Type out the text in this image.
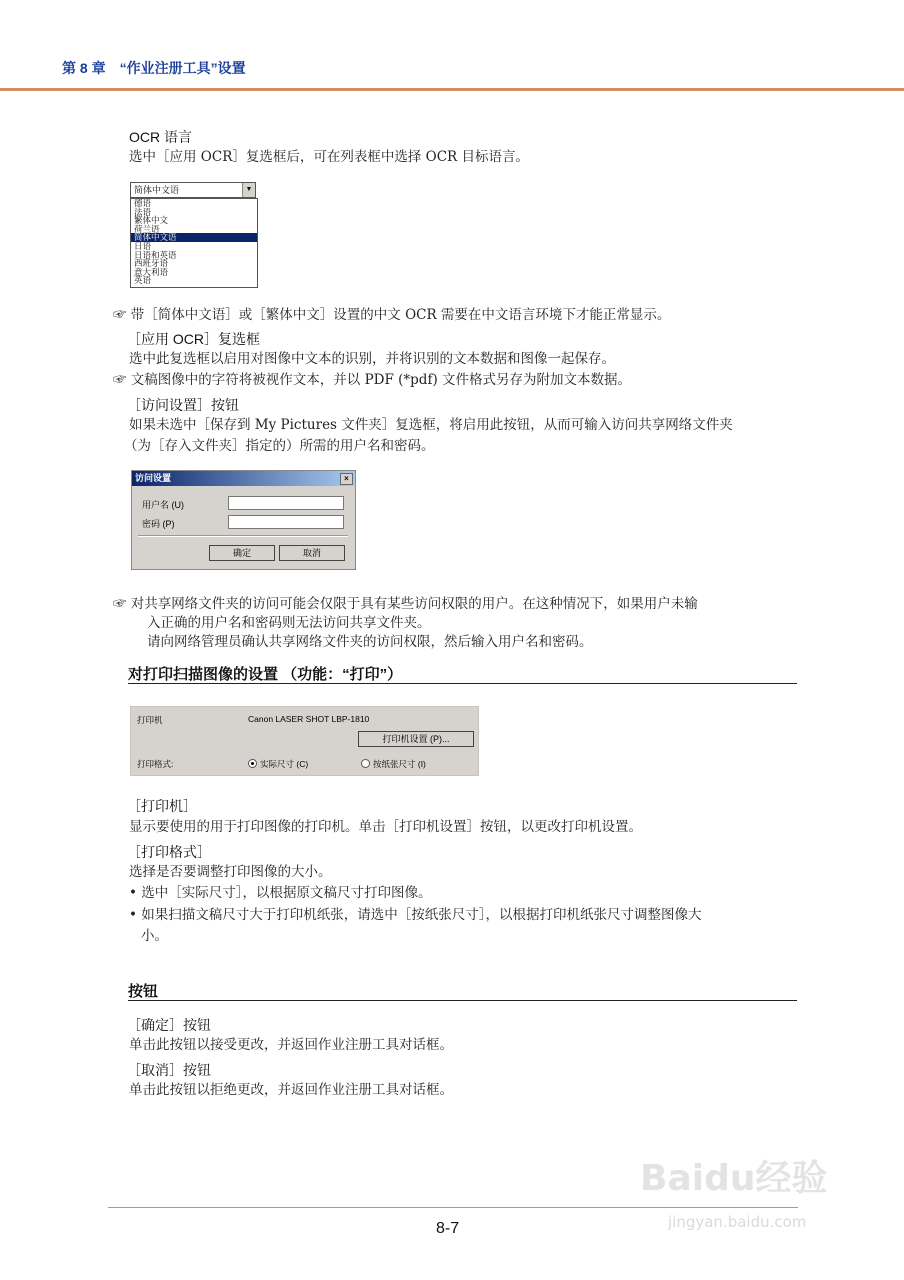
第 8 章　“作业注册工具”设置
OCR 语言
选中［应用 OCR］复选框后，可在列表框中选择 OCR 目标语言。
简体中文语	▼
德语
法语
繁体中文
荷兰语
简体中文语
日语
日语和英语
西班牙语
意大利语
英语
☞ 带［简体中文语］或［繁体中文］设置的中文 OCR 需要在中文语言环境下才能正常显示。
［应用 OCR］复选框
选中此复选框以启用对图像中文本的识别，并将识别的文本数据和图像一起保存。
☞ 文稿图像中的字符将被视作文本，并以 PDF (*pdf) 文件格式另存为附加文本数据。
［访问设置］按钮
如果未选中［保存到 My Pictures 文件夹］复选框，将启用此按钮，从而可输入访问共享网络文件夹
（为［存入文件夹］指定的）所需的用户名和密码。
访问设置	×
用户名 (U)
密码 (P)
确定	取消
☞ 对共享网络文件夹的访问可能会仅限于具有某些访问权限的用户。在这种情况下，如果用户未输
入正确的用户名和密码则无法访问共享文件夹。
请向网络管理员确认共享网络文件夹的访问权限，然后输入用户名和密码。
对打印扫描图像的设置 （功能：“打印”）
打印机	Canon LASER SHOT LBP-1810
打印机设置 (P)...
打印格式:	实际尺寸 (C)	按纸张尺寸 (I)
［打印机］
显示要使用的用于打印图像的打印机。单击［打印机设置］按钮，以更改打印机设置。
［打印格式］
选择是否要调整打印图像的大小。
• 选中［实际尺寸］，以根据原文稿尺寸打印图像。
• 如果扫描文稿尺寸大于打印机纸张，请选中［按纸张尺寸］，以根据打印机纸张尺寸调整图像大
小。
按钮
［确定］按钮
单击此按钮以接受更改，并返回作业注册工具对话框。
［取消］按钮
单击此按钮以拒绝更改，并返回作业注册工具对话框。
Baidu经验
jingyan.baidu.com
8-7
